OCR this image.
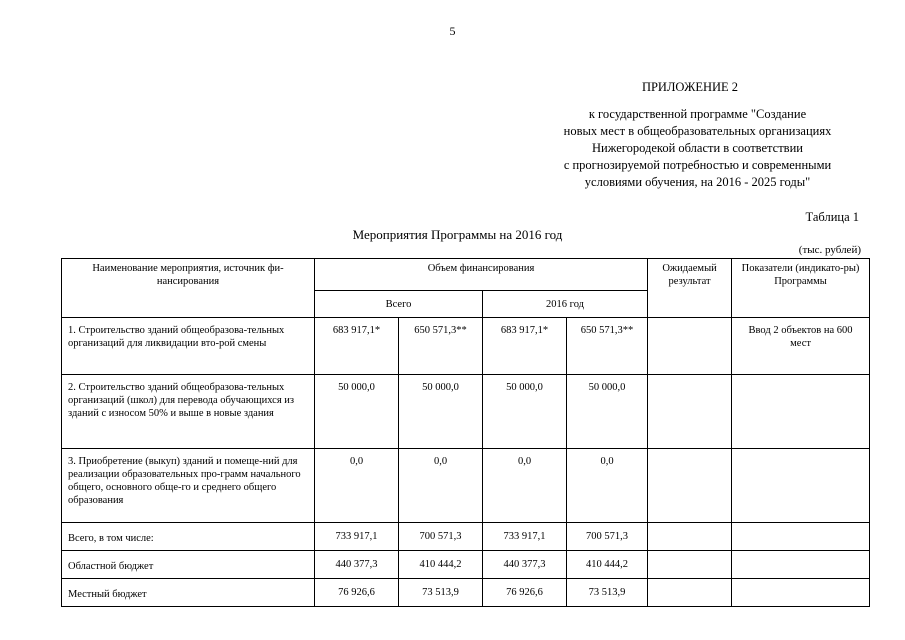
5
ПРИЛОЖЕНИЕ 2
к государственной программе "Создание
новых мест в общеобразовательных организациях
Нижегородекой области в соответствии
с прогнозируемой потребностью и современными
условиями обучения, на 2016 - 2025 годы"
Таблица 1
Мероприятия Программы на 2016 год
(тыс. рублей)
Наименование мероприятия, источник фи-нансирования	Объем финансирования				Ожидаемый результат	Показатели (индикато-ры) Программы
	Всего		2016 год			
1. Строительство зданий общеобразова-тельных организаций для ликвидации вто-рой смены	683 917,1*	650 571,3**	683 917,1*	650 571,3**		Ввод 2 объектов на 600 мест
2. Строительство зданий общеобразова-тельных организаций (школ) для перевода обучающихся из зданий с износом 50% и выше в новые здания	50 000,0	50 000,0	50 000,0	50 000,0		
3. Приобретение (выкуп) зданий и помеще-ний для реализации образовательных про-грамм начального общего, основного обще-го и среднего общего образования	0,0	0,0	0,0	0,0		
Всего, в том числе:	733 917,1	700 571,3	733 917,1	700 571,3		
Областной бюджет	440 377,3	410 444,2	440 377,3	410 444,2		
Местный бюджет	76 926,6	73 513,9	76 926,6	73 513,9		
